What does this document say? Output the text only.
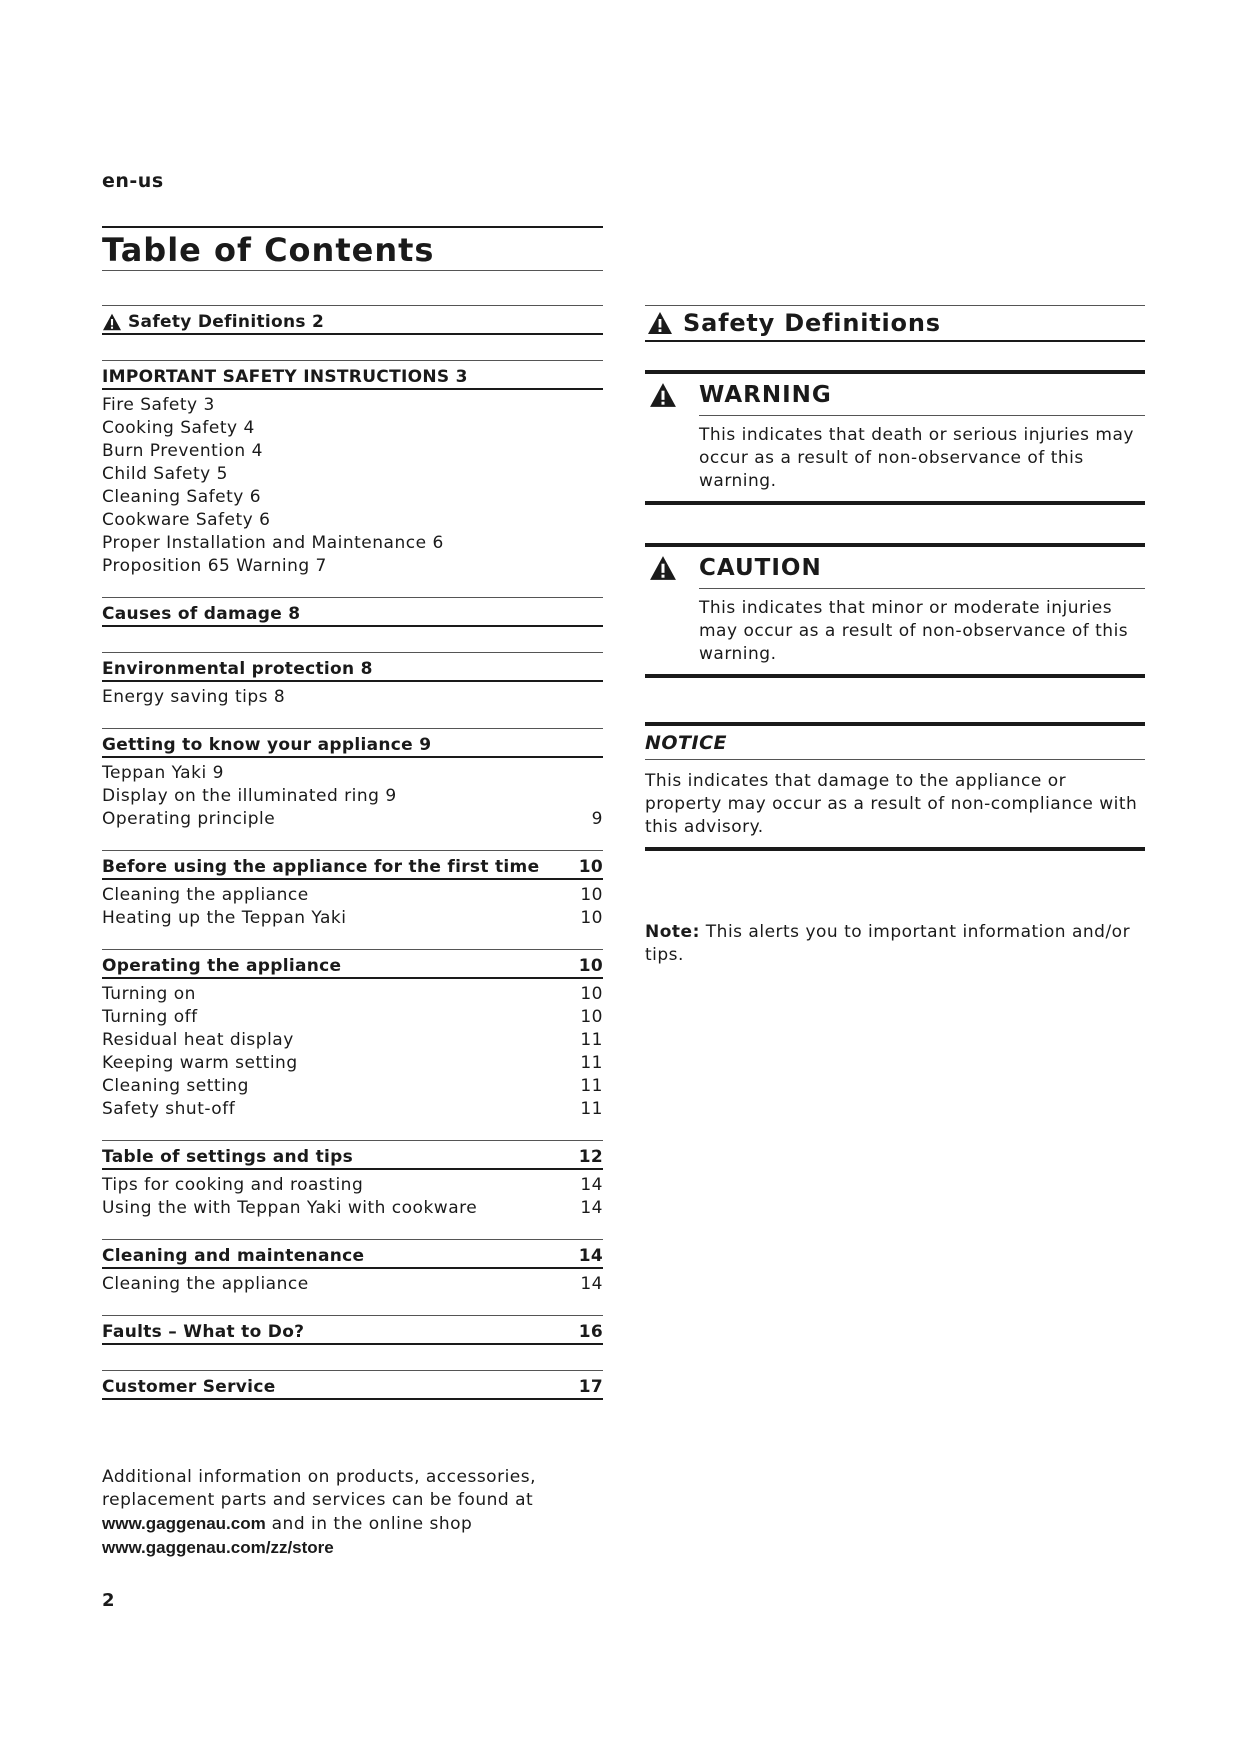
en-us
Table of Contents
Safety Definitions 2
IMPORTANT SAFETY INSTRUCTIONS 3
Fire Safety 3
Cooking Safety 4
Burn Prevention 4
Child Safety 5
Cleaning Safety 6
Cookware Safety 6
Proper Installation and Maintenance 6
Proposition 65 Warning 7
Causes of damage 8
Environmental protection 8
Energy saving tips 8
Getting to know your appliance 9
Teppan Yaki 9
Display on the illuminated ring 9
Operating principle	9
Before using the appliance for the first time	10
Cleaning the appliance	10
Heating up the Teppan Yaki	10
Operating the appliance	10
Turning on	10
Turning off	10
Residual heat display	11
Keeping warm setting	11
Cleaning setting	11
Safety shut-off	11
Table of settings and tips	12
Tips for cooking and roasting	14
Using the with Teppan Yaki with cookware	14
Cleaning and maintenance	14
Cleaning the appliance	14
Faults – What to Do?	16
Customer Service	17
Safety Definitions
WARNING
This indicates that death or serious injuries may occur as a result of non-observance of this warning.
CAUTION
This indicates that minor or moderate injuries may occur as a result of non-observance of this warning.
NOTICE
This indicates that damage to the appliance or property may occur as a result of non-compliance with this advisory.
Note: This alerts you to important information and/or tips.
Additional information on products, accessories, replacement parts and services can be found at
www.gaggenau.com and in the online shop
www.gaggenau.com/zz/store
2
